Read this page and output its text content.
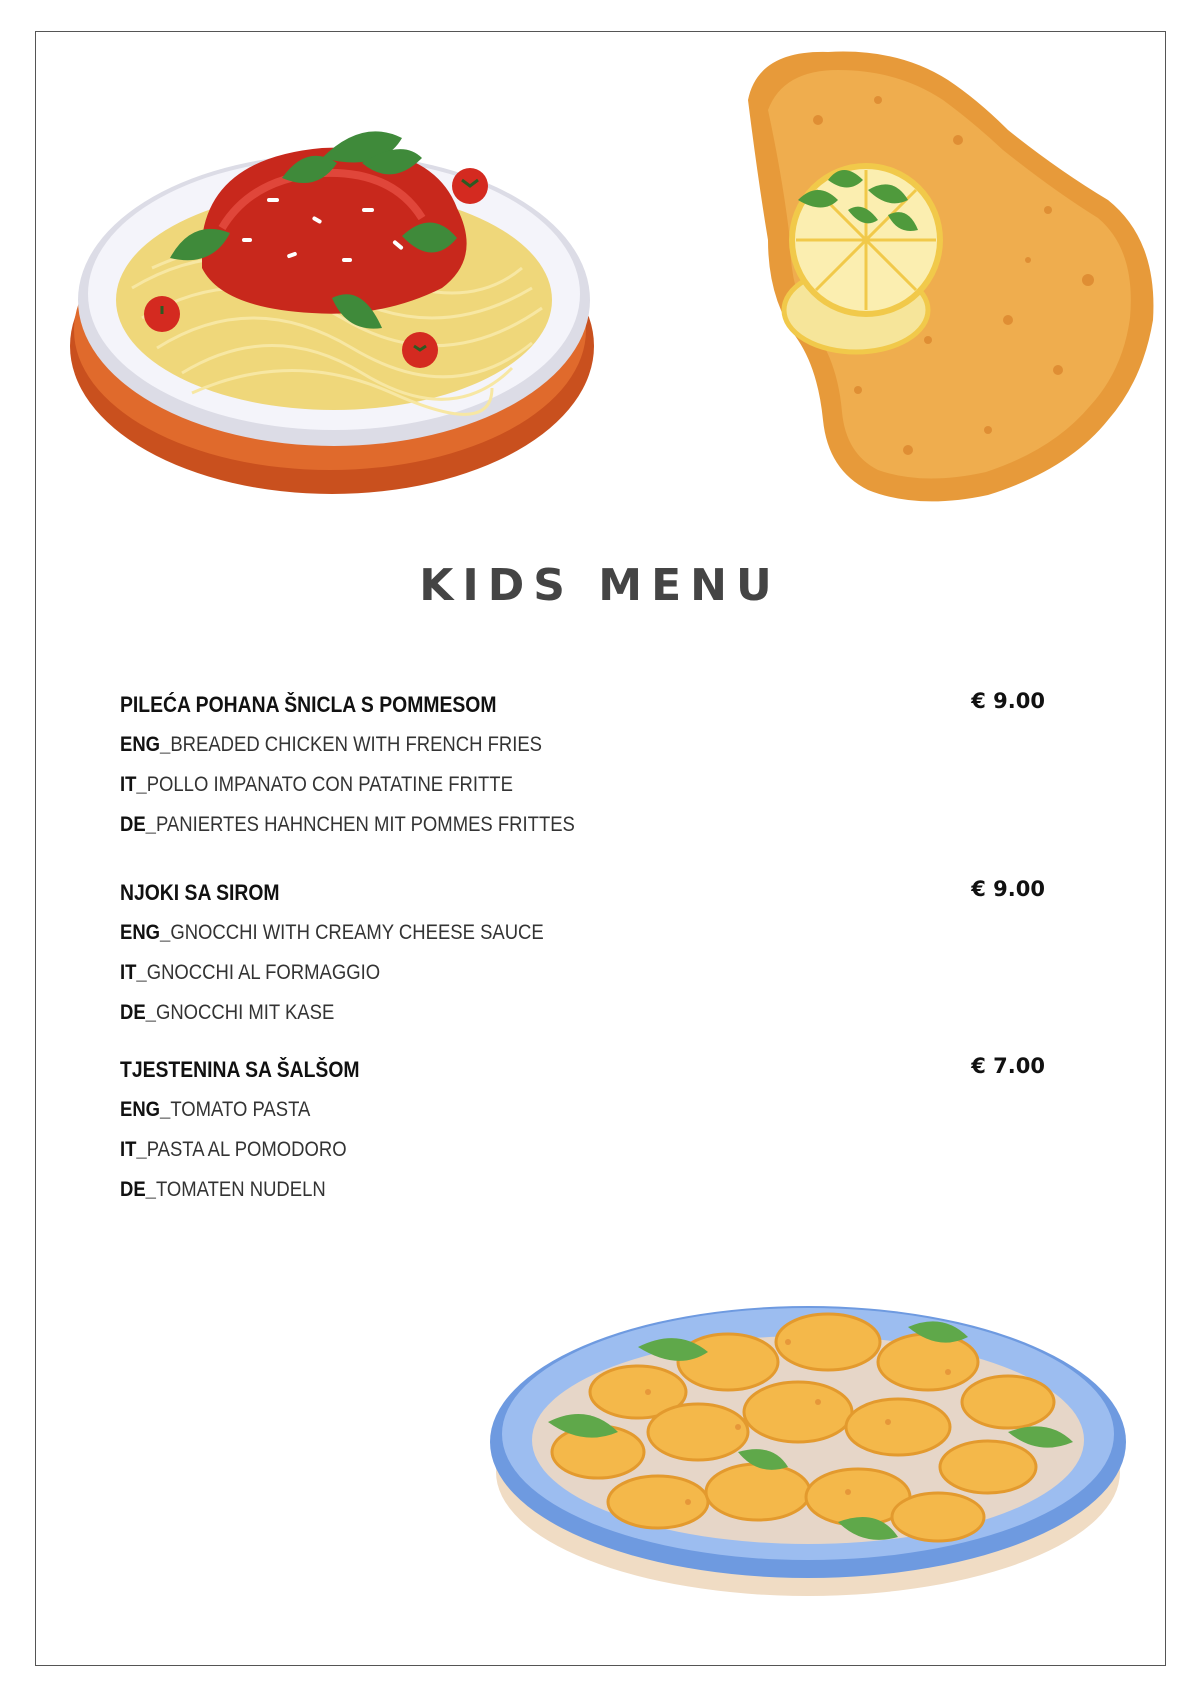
KIDS MENU
PILEĆA POHANA ŠNICLA S POMMESOM	€ 9.00
ENG_BREADED CHICKEN WITH FRENCH FRIES
IT_POLLO IMPANATO CON PATATINE FRITTE
DE_PANIERTES HAHNCHEN MIT POMMES FRITTES
NJOKI SA SIROM	€ 9.00
ENG_GNOCCHI WITH CREAMY CHEESE SAUCE
IT_GNOCCHI AL FORMAGGIO
DE_GNOCCHI MIT KASE
TJESTENINA SA ŠALŠOM	€ 7.00
ENG_TOMATO PASTA
IT_PASTA AL POMODORO
DE_TOMATEN NUDELN
